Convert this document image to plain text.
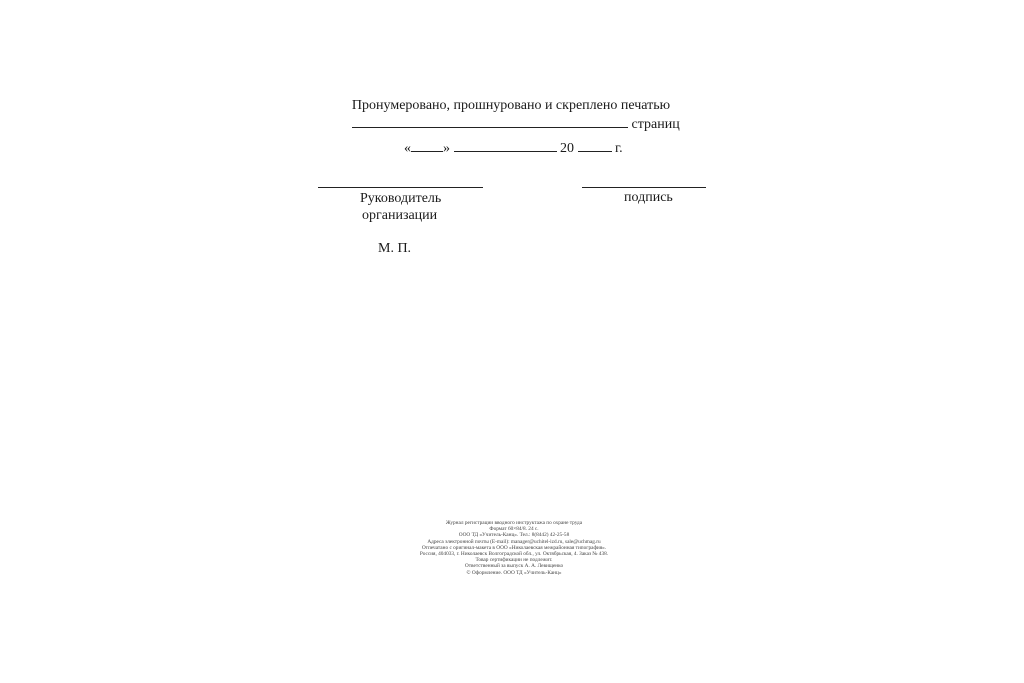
Пронумеровано, прошнуровано и скреплено печатью
страниц
« »	20	г.
Руководитель
организации
подпись
М. П.
Журнал регистрации вводного инструктажа по охране труда
Формат 60×84/8. 24 с.
ООО ТД «Учитель-Канц». Тел.: 8(8442) 42-25-58
Адреса электронной почты (E-mail): manager@uchitel-izd.ru, sale@uchmag.ru
Отпечатано с оригинал-макета в ООО «Николаевская межрайонная типография».
Россия, 404033, г. Николаевск Волгоградской обл., ул. Октябрьская, 4. Заказ № 438.
Товар сертификации не подлежит.
Ответственный за выпуск А. А. Левищенко
© Оформление. ООО ТД «Учитель-Канц»
